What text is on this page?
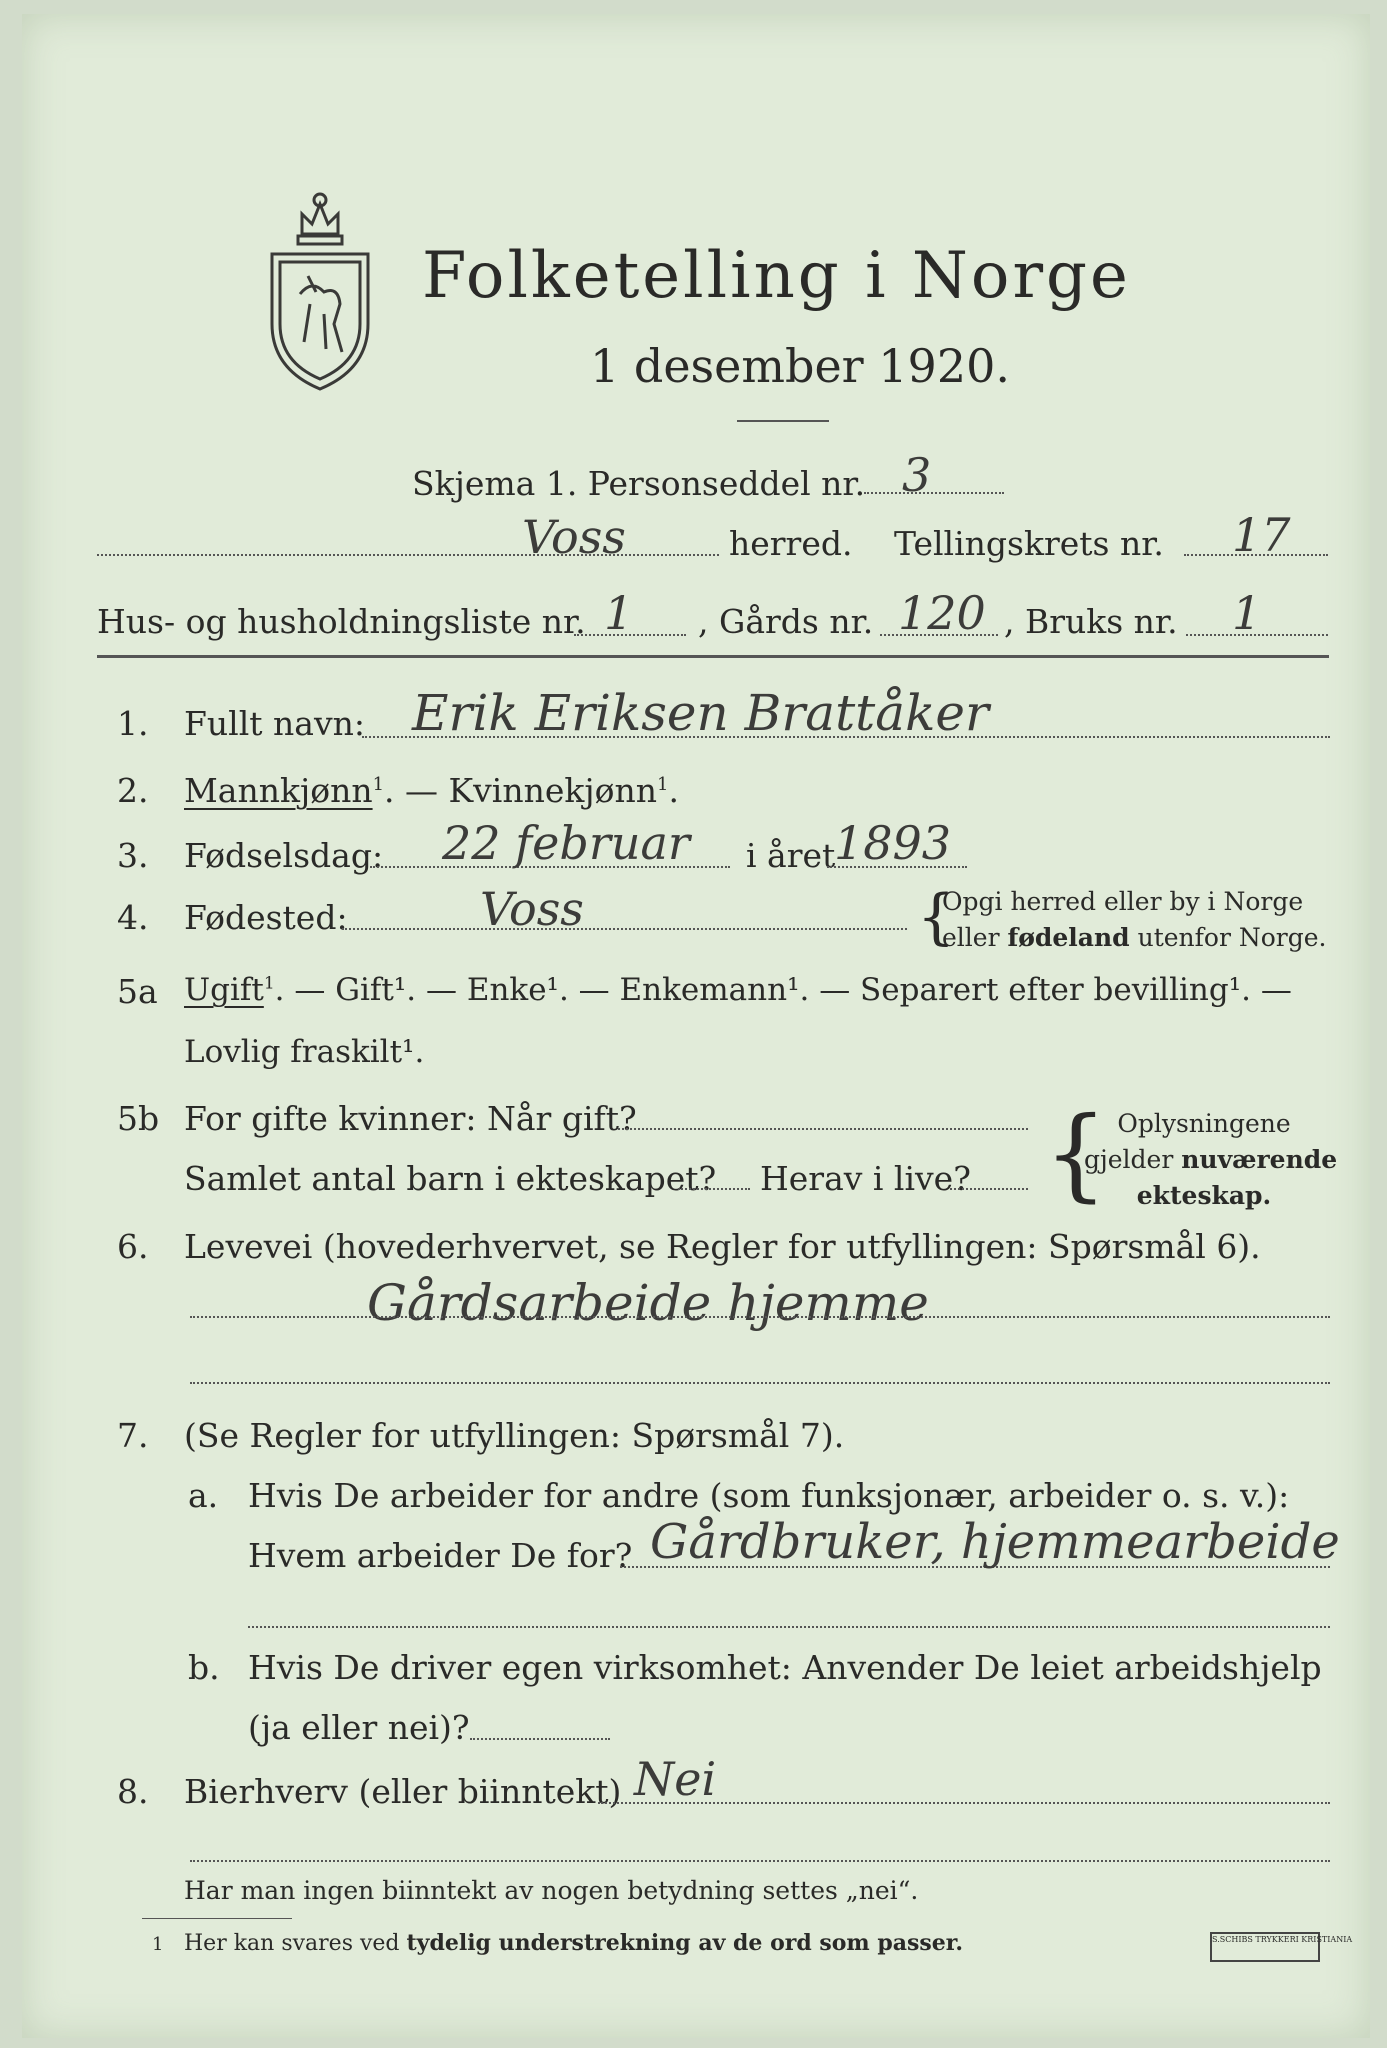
Folketelling i Norge
1 desember 1920.
Skjema 1. Personseddel nr. 3
Voss	herred. Tellingskrets nr. 17
Hus- og husholdningsliste nr. 1 , Gårds nr. 120 , Bruks nr. 1
1. Fullt navn: Erik Eriksen Brattåker
2. Mannkjønn$^1$. — Kvinnekjønn$^1$.
3. Fødselsdag: 22 februar i året
1893
4. Fødested:	Voss	{
Opgi herred eller by i Norge
eller fødeland utenfor Norge.
5a Ugift$^1$. — Gift¹. — Enke¹. — Enkemann¹. — Separert efter bevilling¹. —
Lovlig fraskilt¹.
5b For gifte kvinner: Når gift?
Samlet antal barn i ekteskapet? Herav i live? { Oplysningene
gjelder nuværende
ekteskap.
6. Levevei (hovederhvervet, se Regler for utfyllingen: Spørsmål 6).
Gårdsarbeide hjemme
7. (Se Regler for utfyllingen: Spørsmål 7).
a. Hvis De arbeider for andre (som funksjonær, arbeider o. s. v.):
Hvem arbeider De for? Gårdbruker, hjemmearbeide
b. Hvis De driver egen virksomhet: Anvender De leiet arbeidshjelp
(ja eller nei)?
8. Bierhverv (eller biinntekt) Nei
Har man ingen biinntekt av nogen betydning settes „nei“.
1 Her kan svares ved tydelig understrekning av de ord som passer.	S.SCHIBS TRYKKERI KRISTIANIA
